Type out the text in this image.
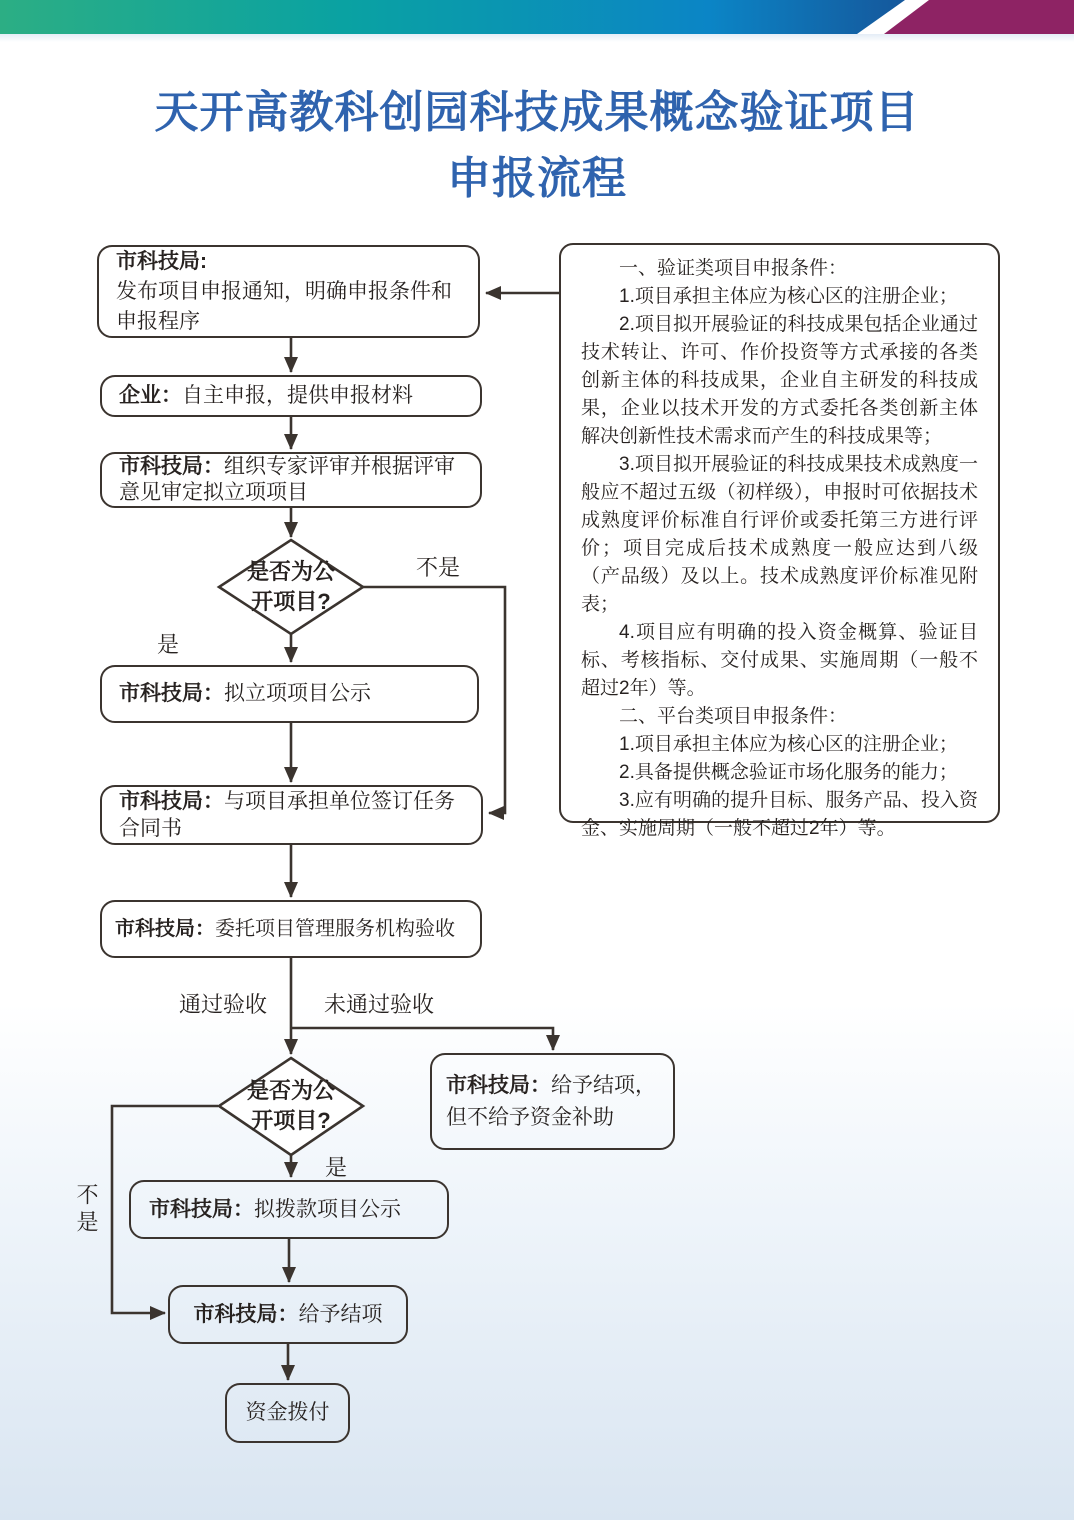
天开高教科创园科技成果概念验证项目
申报流程
市科技局:
发布项目申报通知，明确申报条件和申报程序
企业：自主申报，提供申报材料
市科技局：组织专家评审并根据评审意见审定拟立项项目
是否为公开项目?
市科技局：拟立项项目公示
市科技局：与项目承担单位签订任务合同书
市科技局：委托项目管理服务机构验收
是否为公开项目?
市科技局：给予结项，但不给予资金补助
市科技局：拟拨款项目公示
市科技局：给予结项
资金拨付
不是
是
通过验收	未通过验收
是
不是

一、验证类项目申报条件：

1.项目承担主体应为核心区的注册企业；

2.项目拟开展验证的科技成果包括企业通过技术转让、许可、作价投资等方式承接的各类创新主体的科技成果，企业自主研发的科技成果，企业以技术开发的方式委托各类创新主体解决创新性技术需求而产生的科技成果等；

3.项目拟开展验证的科技成果技术成熟度一般应不超过五级（初样级），申报时可依据技术成熟度评价标准自行评价或委托第三方进行评价；项目完成后技术成熟度一般应达到八级（产品级）及以上。技术成熟度评价标准见附表；

4.项目应有明确的投入资金概算、验证目标、考核指标、交付成果、实施周期（一般不超过2年）等。

二、平台类项目申报条件：

1.项目承担主体应为核心区的注册企业；

2.具备提供概念验证市场化服务的能力；

3.应有明确的提升目标、服务产品、投入资金、实施周期（一般不超过2年）等。
